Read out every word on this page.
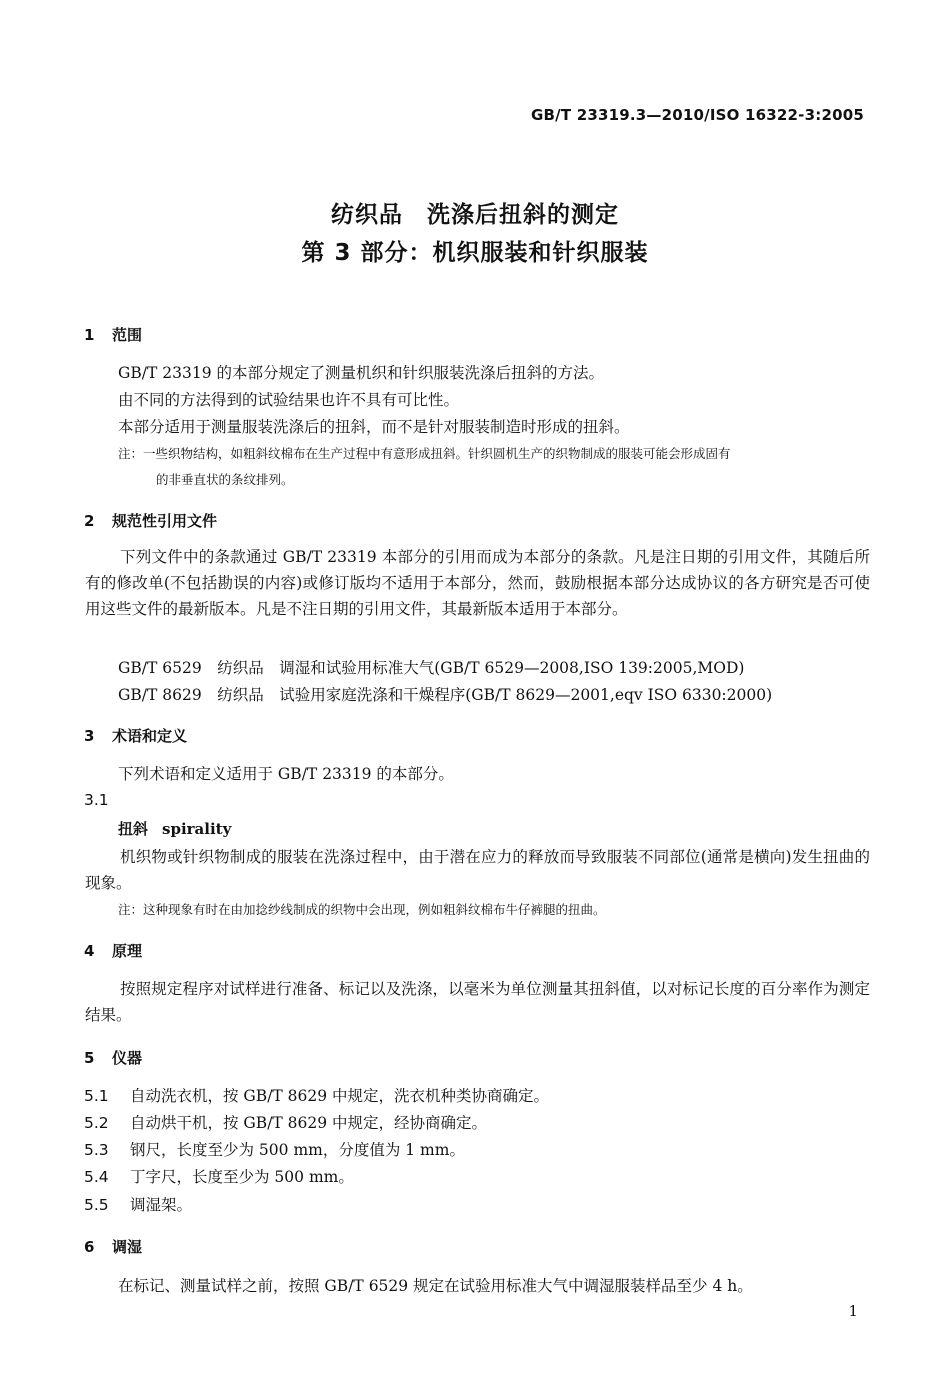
GB/T 23319.3—2010/ISO 16322-3:2005
纺织品　洗涤后扭斜的测定
第 3 部分：机织服装和针织服装
1 范围
GB/T 23319 的本部分规定了测量机织和针织服装洗涤后扭斜的方法。
由不同的方法得到的试验结果也许不具有可比性。
本部分适用于测量服装洗涤后的扭斜，而不是针对服装制造时形成的扭斜。
注：一些织物结构，如粗斜纹棉布在生产过程中有意形成扭斜。针织圆机生产的织物制成的服装可能会形成固有
的非垂直状的条纹排列。
2 规范性引用文件
下列文件中的条款通过 GB/T 23319 本部分的引用而成为本部分的条款。凡是注日期的引用文件，其随后所有的修改单(不包括勘误的内容)或修订版均不适用于本部分，然而，鼓励根据本部分达成协议的各方研究是否可使用这些文件的最新版本。凡是不注日期的引用文件，其最新版本适用于本部分。
GB/T 6529　纺织品　调湿和试验用标准大气(GB/T 6529—2008,ISO 139:2005,MOD)
GB/T 8629　纺织品　试验用家庭洗涤和干燥程序(GB/T 8629—2001,eqv ISO 6330:2000)
3 术语和定义
下列术语和定义适用于 GB/T 23319 的本部分。
3.1
扭斜 spirality
机织物或针织物制成的服装在洗涤过程中，由于潜在应力的释放而导致服装不同部位(通常是横向)发生扭曲的现象。
注：这种现象有时在由加捻纱线制成的织物中会出现，例如粗斜纹棉布牛仔裤腿的扭曲。
4 原理
按照规定程序对试样进行准备、标记以及洗涤，以毫米为单位测量其扭斜值，以对标记长度的百分率作为测定结果。
5 仪器
5.1 自动洗衣机，按 GB/T 8629 中规定，洗衣机种类协商确定。
5.2 自动烘干机，按 GB/T 8629 中规定，经协商确定。
5.3 钢尺，长度至少为 500 mm，分度值为 1 mm。
5.4 丁字尺，长度至少为 500 mm。
5.5 调湿架。
6 调湿
在标记、测量试样之前，按照 GB/T 6529 规定在试验用标准大气中调湿服装样品至少 4 h。
1
